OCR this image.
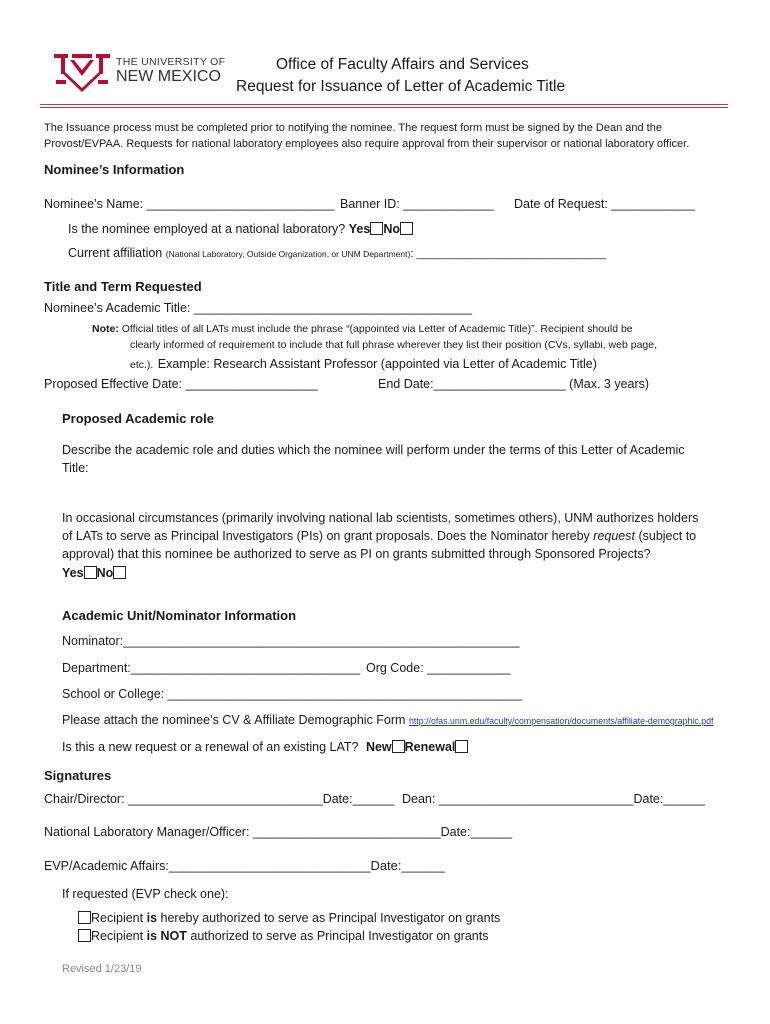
THE UNIVERSITY OF
NEW MEXICO
Office of Faculty Affairs and Services
Request for Issuance of Letter of Academic Title
The Issuance process must be completed prior to notifying the nominee. The request form must be signed by the Dean and the
Provost/EVPAA. Requests for national laboratory employees also require approval from their supervisor or national laboratory officer.
Nominee’s Information
Nominee’s Name: ___________________________ Banner ID: _____________ Date of Request: ____________
Is the nominee employed at a national laboratory? Yes No
Current affiliation (National Laboratory, Outside Organization, or UNM Department): _______________________________
Title and Term Requested
Nominee’s Academic Title: ________________________________________
Note: Official titles of all LATs must include the phrase “(appointed via Letter of Academic Title)”. Recipient should be
clearly informed of requirement to include that full phrase wherever they list their position (CVs, syllabi, web page,
etc.). Example: Research Assistant Professor (appointed via Letter of Academic Title)
Proposed Effective Date: ___________________	End Date:___________________ (Max. 3 years)
Proposed Academic role
Describe the academic role and duties which the nominee will perform under the terms of this Letter of Academic
Title:
In occasional circumstances (primarily involving national lab scientists, sometimes others), UNM authorizes holders
of LATs to serve as Principal Investigators (PIs) on grant proposals. Does the Nominator hereby request (subject to
approval) that this nominee be authorized to serve as PI on grants submitted through Sponsored Projects?
Yes No
Academic Unit/Nominator Information
Nominator:_________________________________________________________
Department:_________________________________ Org Code: ____________
School or College: ___________________________________________________
Please attach the nominee’s CV & Affiliate Demographic Form http://ofas.unm.edu/faculty/compensation/documents/affiliate-demographic.pdf
Is this a new request or a renewal of an existing LAT? New Renewal
Signatures
Chair/Director: ____________________________Date:______ Dean: ____________________________Date:______
National Laboratory Manager/Officer: ___________________________Date:______
EVP/Academic Affairs:_____________________________Date:______
If requested (EVP check one):
Recipient is hereby authorized to serve as Principal Investigator on grants
Recipient is NOT authorized to serve as Principal Investigator on grants
Revised 1/23/19
